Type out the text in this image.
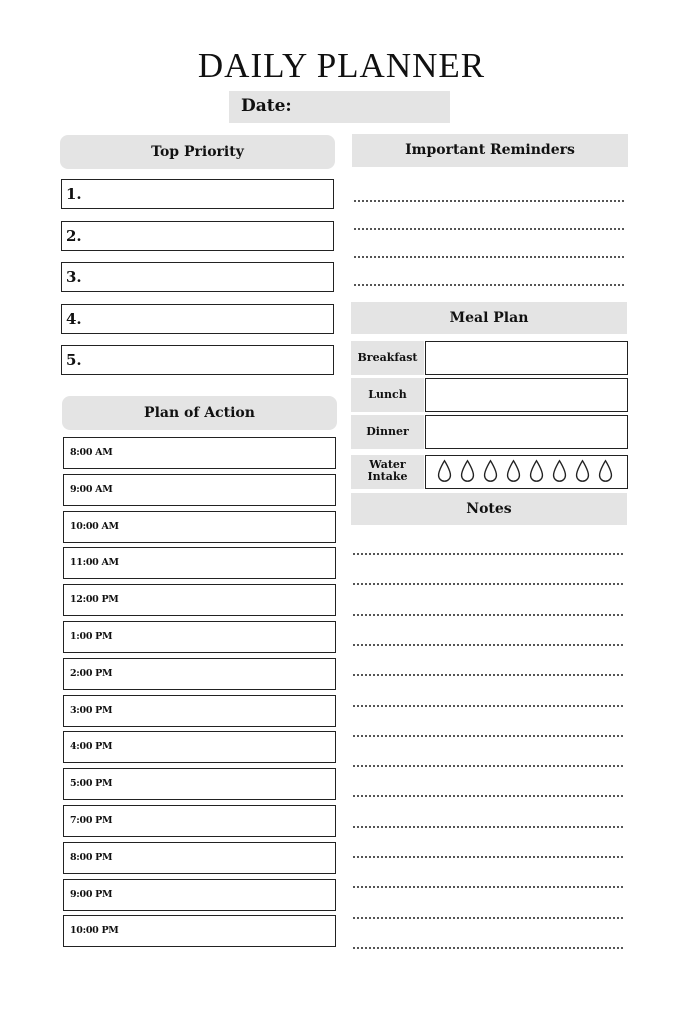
DAILY PLANNER
Date:
Top Priority
1.
2.
3.
4.
5.
Plan of Action
8:00 AM
9:00 AM
10:00 AM
11:00 AM
12:00 PM
1:00 PM
2:00 PM
3:00 PM
4:00 PM
5:00 PM
7:00 PM
8:00 PM
9:00 PM
10:00 PM
Important Reminders
Meal Plan
Breakfast
Lunch
Dinner
Water
Intake
Notes
